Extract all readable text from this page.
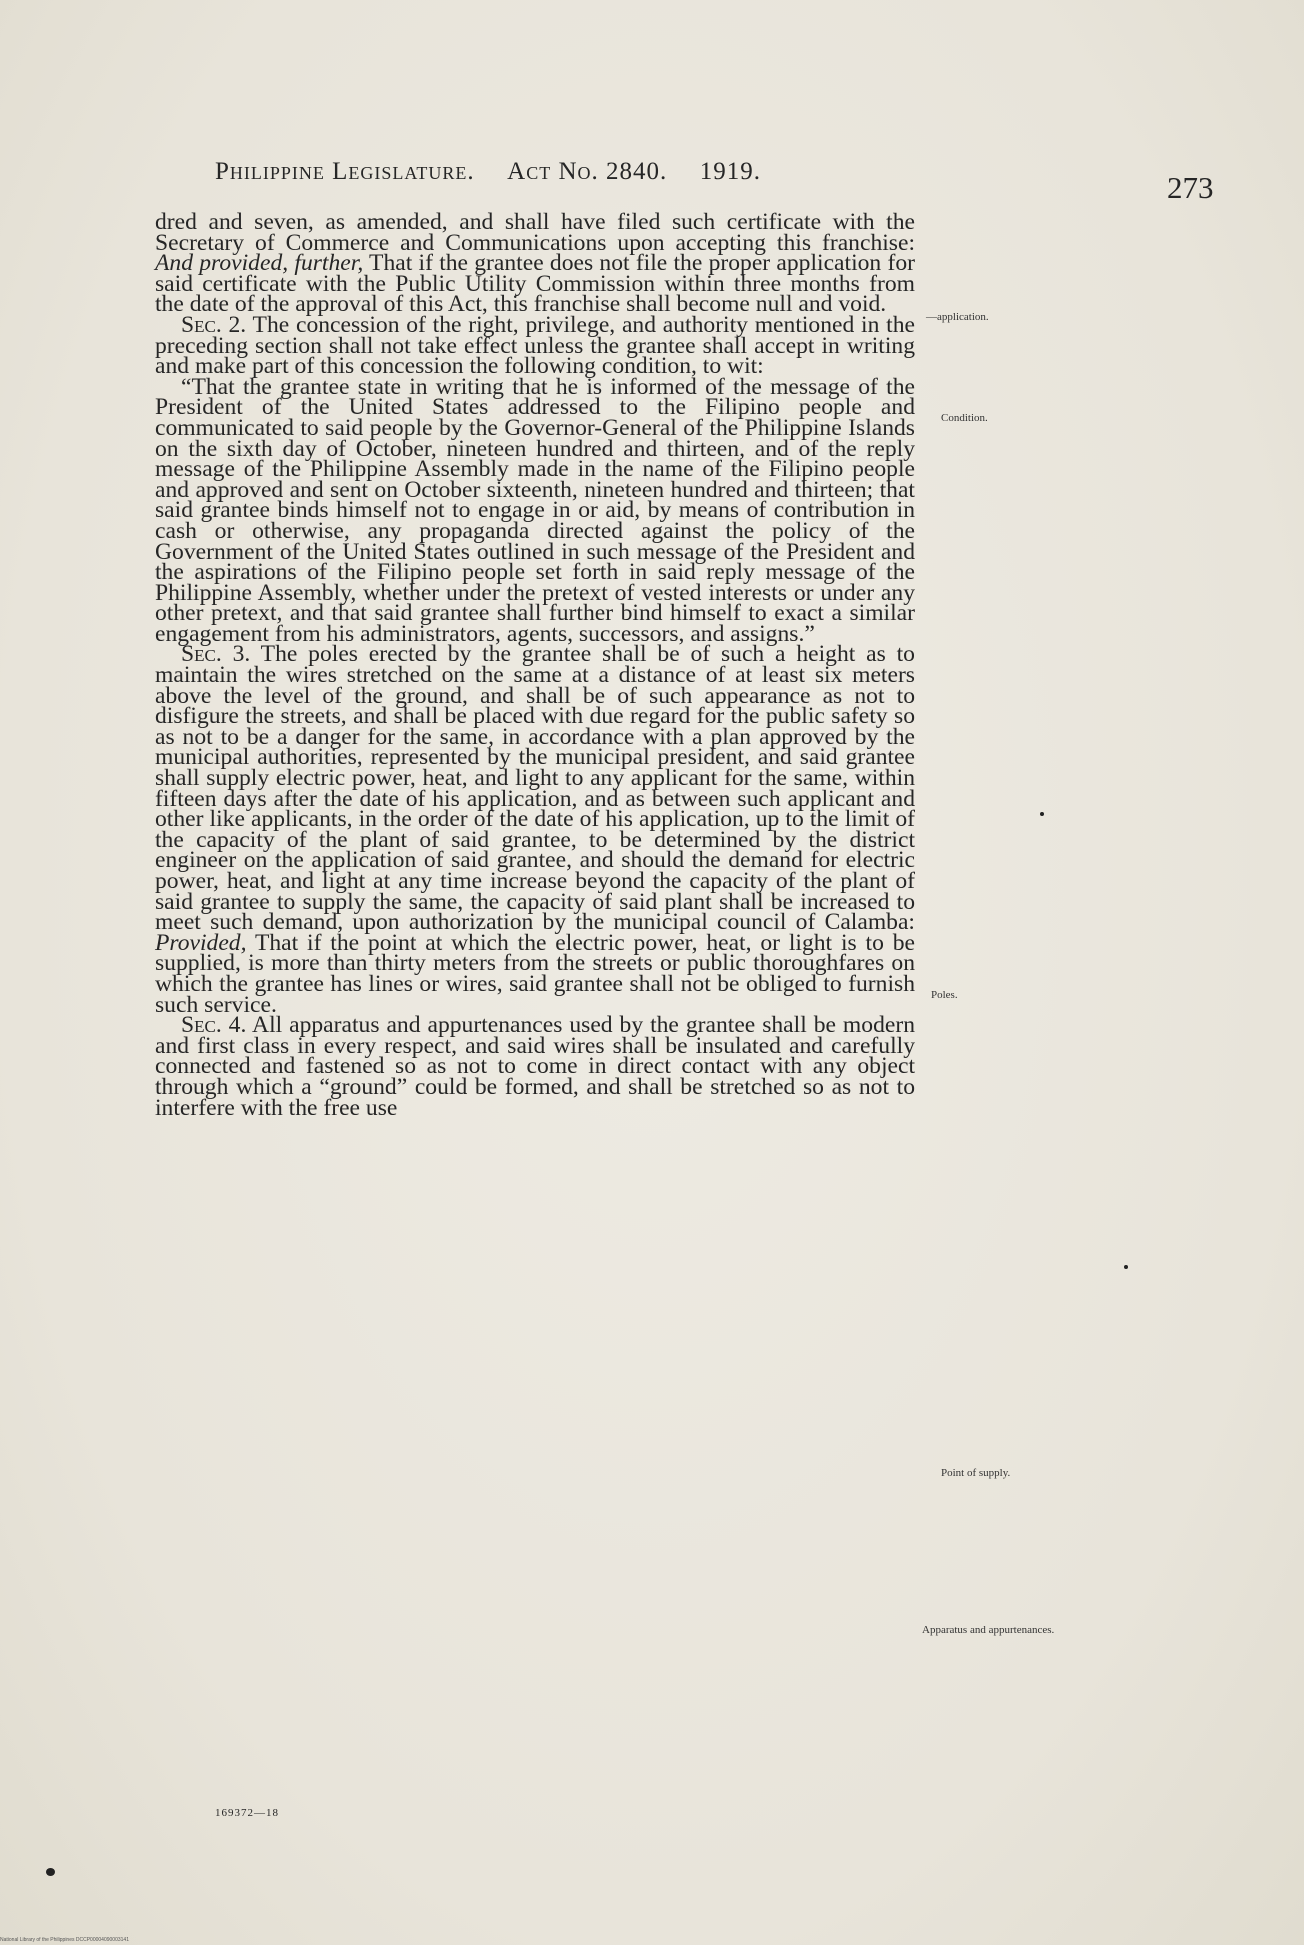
Philippine Legislature. Act No. 2840. 1919.	273

dred and seven, as amended, and shall have filed such certificate with the Secretary of Commerce and Communications upon accepting this franchise: And provided, further, That if the grantee does not file the proper application for said certificate with the Public Utility Commission within three months from the date of the approval of this Act, this franchise shall become null and void.

Sec. 2. The concession of the right, privilege, and authority mentioned in the preceding section shall not take effect unless the grantee shall accept in writing and make part of this concession the following condition, to wit:

“That the grantee state in writing that he is informed of the message of the President of the United States addressed to the Filipino people and communicated to said people by the Governor-General of the Philippine Islands on the sixth day of October, nineteen hundred and thirteen, and of the reply message of the Philippine Assembly made in the name of the Filipino people and approved and sent on October sixteenth, nineteen hundred and thirteen; that said grantee binds himself not to engage in or aid, by means of contribution in cash or otherwise, any propaganda directed against the policy of the Government of the United States outlined in such message of the President and the aspirations of the Filipino people set forth in said reply message of the Philippine Assembly, whether under the pretext of vested interests or under any other pretext, and that said grantee shall further bind himself to exact a similar engagement from his administrators, agents, successors, and assigns.”

Sec. 3. The poles erected by the grantee shall be of such a height as to maintain the wires stretched on the same at a distance of at least six meters above the level of the ground, and shall be of such appearance as not to disfigure the streets, and shall be placed with due regard for the public safety so as not to be a danger for the same, in accordance with a plan approved by the municipal authorities, represented by the municipal president, and said grantee shall supply electric power, heat, and light to any applicant for the same, within fifteen days after the date of his application, and as between such applicant and other like applicants, in the order of the date of his application, up to the limit of the capacity of the plant of said grantee, to be determined by the district engineer on the application of said grantee, and should the demand for electric power, heat, and light at any time increase beyond the capacity of the plant of said grantee to supply the same, the capacity of said plant shall be increased to meet such demand, upon authorization by the municipal council of Calamba: Provided, That if the point at which the electric power, heat, or light is to be supplied, is more than thirty meters from the streets or public thoroughfares on which the grantee has lines or wires, said grantee shall not be obliged to furnish such service.

Sec. 4. All apparatus and appurtenances used by the grantee shall be modern and first class in every respect, and said wires shall be insulated and carefully connected and fastened so as not to come in direct contact with any object through which a “ground” could be formed, and shall be stretched so as not to interfere with the free use

—application.
Condition.
Poles.
Point of supply.
Apparatus and appurtenances.
169372—18
National Library of the Philippines DCCP00004090003141
